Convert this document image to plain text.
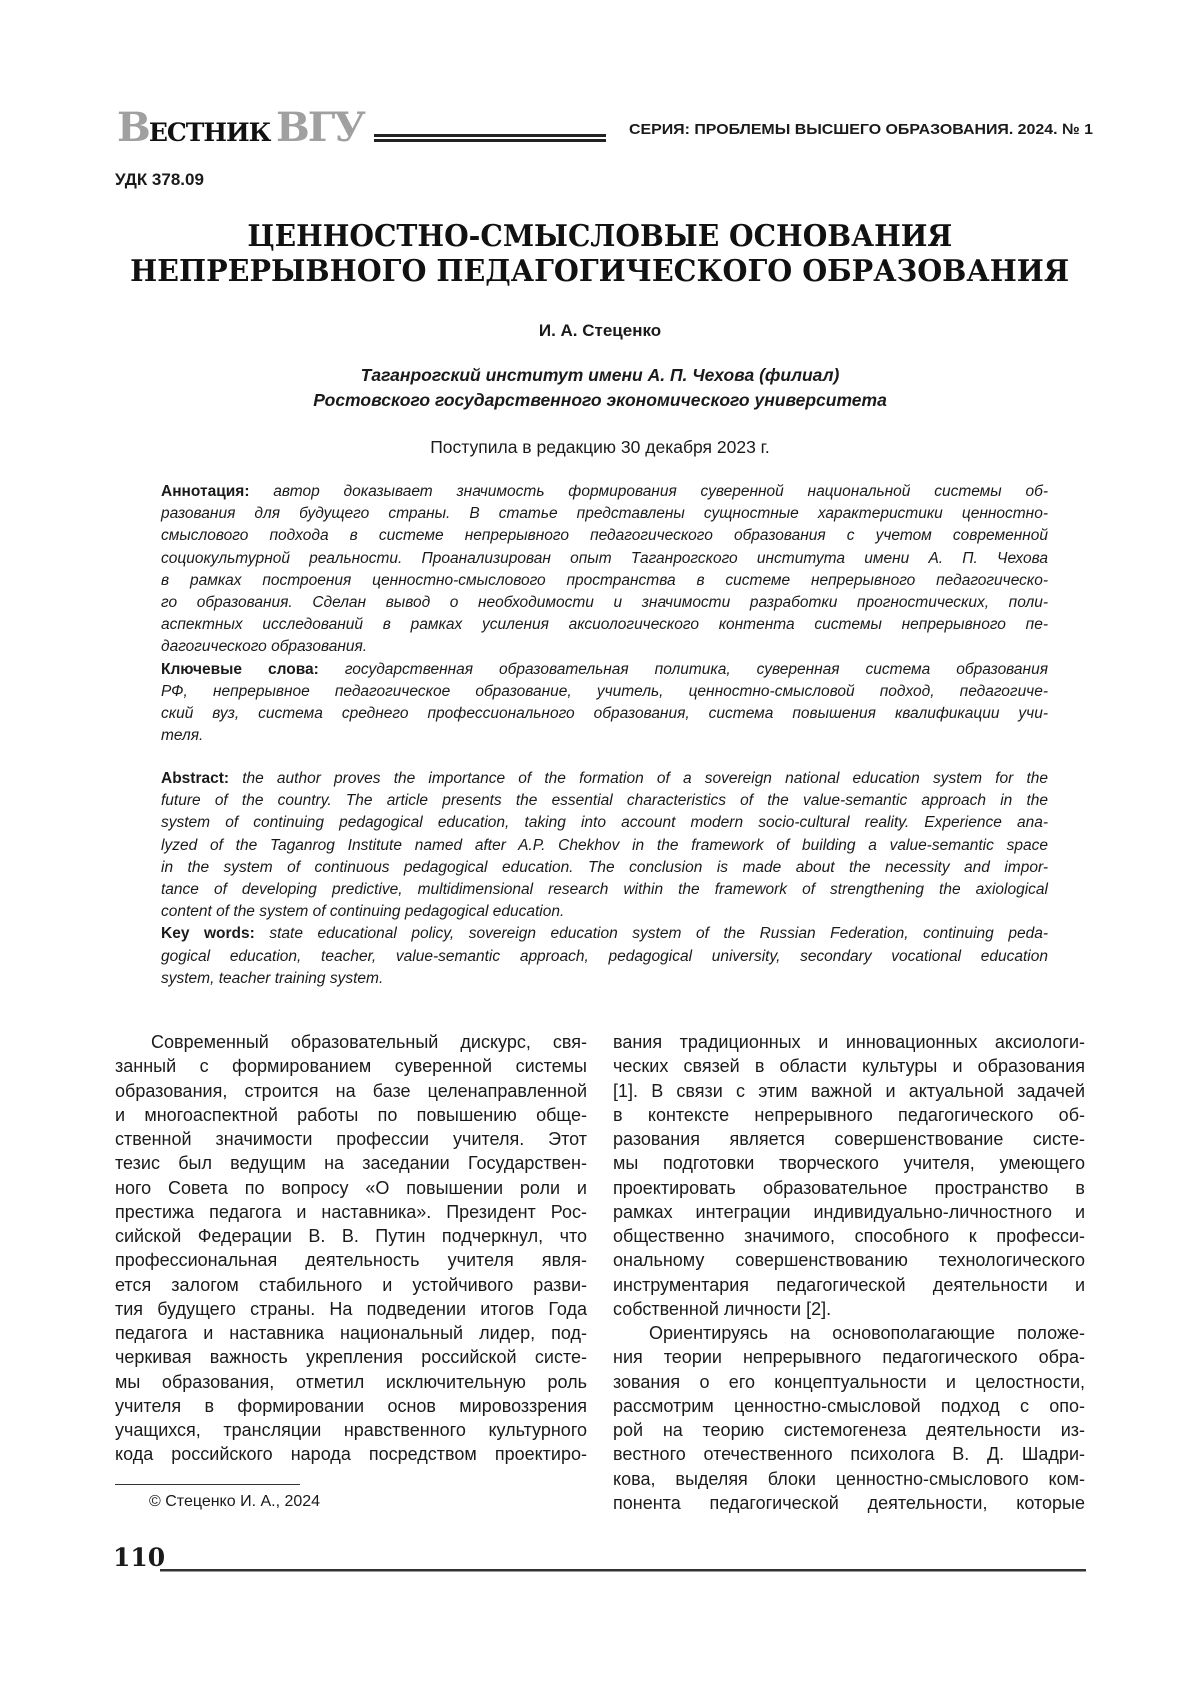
ВЕСТНИК ВГУ	СЕРИЯ: ПРОБЛЕМЫ ВЫСШЕГО ОБРАЗОВАНИЯ. 2024. № 1
УДК 378.09
ЦЕННОСТНО-СМЫСЛОВЫЕ ОСНОВАНИЯ
НЕПРЕРЫВНОГО ПЕДАГОГИЧЕСКОГО ОБРАЗОВАНИЯ
И. А. Стеценко
Таганрогский институт имени А. П. Чехова (филиал)
Ростовского государственного экономического университета
Поступила в редакцию 30 декабря 2023 г.
Аннотация: автор доказывает значимость формирования суверенной национальной системы об-
разования для будущего страны. В статье представлены сущностные характеристики ценностно-
смыслового подхода в системе непрерывного педагогического образования с учетом современной
социокультурной реальности. Проанализирован опыт Таганрогского института имени А. П. Чехова
в рамках построения ценностно-смыслового пространства в системе непрерывного педагогическо-
го образования. Сделан вывод о необходимости и значимости разработки прогностических, поли-
аспектных исследований в рамках усиления аксиологического контента системы непрерывного пе-
дагогического образования.
Ключевые слова: государственная образовательная политика, суверенная система образования
РФ, непрерывное педагогическое образование, учитель, ценностно-смысловой подход, педагогиче-
ский вуз, система среднего профессионального образования, система повышения квалификации учи-
теля.
Abstract: the author proves the importance of the formation of a sovereign national education system for the
future of the country. The article presents the essential characteristics of the value-semantic approach in the
system of continuing pedagogical education, taking into account modern socio-cultural reality. Experience ana-
lyzed of the Taganrog Institute named after A.P. Chekhov in the framework of building a value-semantic space
in the system of continuous pedagogical education. The conclusion is made about the necessity and impor-
tance of developing predictive, multidimensional research within the framework of strengthening the axiological
content of the system of continuing pedagogical education.
Key words: state educational policy, sovereign education system of the Russian Federation, continuing peda-
gogical education, teacher, value-semantic approach, pedagogical university, secondary vocational education
system, teacher training system.
Современный образовательный дискурс, свя-
занный с формированием суверенной системы
образования, строится на базе целенаправленной
и многоаспектной работы по повышению обще-
ственной значимости профессии учителя. Этот
тезис был ведущим на заседании Государствен-
ного Совета по вопросу «О повышении роли и
престижа педагога и наставника». Президент Рос-
сийской Федерации В. В. Путин подчеркнул, что
профессиональная деятельность учителя явля-
ется залогом стабильного и устойчивого разви-
тия будущего страны. На подведении итогов Года
педагога и наставника национальный лидер, под-
черкивая важность укрепления российской систе-
мы образования, отметил исключительную роль
учителя в формировании основ мировоззрения
учащихся, трансляции нравственного культурного
кода российского народа посредством проектиро-
вания традиционных и инновационных аксиологи-
ческих связей в области культуры и образования
[1]. В связи с этим важной и актуальной задачей
в контексте непрерывного педагогического об-
разования является совершенствование систе-
мы подготовки творческого учителя, умеющего
проектировать образовательное пространство в
рамках интеграции индивидуально-личностного и
общественно значимого, способного к професси-
ональному совершенствованию технологического
инструментария педагогической деятельности и
собственной личности [2].
Ориентируясь на основополагающие положе-
ния теории непрерывного педагогического обра-
зования о его концептуальности и целостности,
рассмотрим ценностно-смысловой подход с опо-
рой на теорию системогенеза деятельности из-
вестного отечественного психолога В. Д. Шадри-
кова, выделяя блоки ценностно-смыслового ком-
понента педагогической деятельности, которые
© Стеценко И. А., 2024
110
